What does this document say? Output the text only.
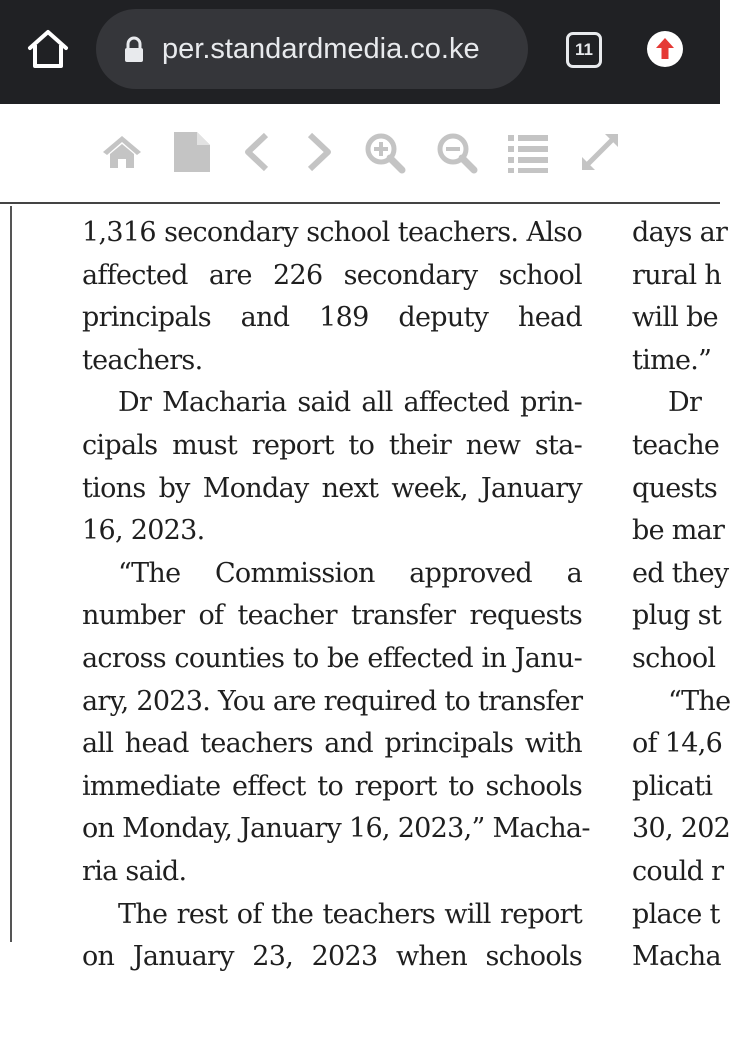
per.standardmedia.co.ke	11
1,316 secondary school teachers. Also
affected are 226 secondary school
principals and 189 deputy head
teachers.
Dr Macharia said all affected prin-
cipals must report to their new sta-
tions by Monday next week, January
16, 2023.
“The Commission approved a
number of teacher transfer requests
across counties to be effected in Janu-
ary, 2023. You are required to transfer
all head teachers and principals with
immediate effect to report to schools
on Monday, January 16, 2023,” Macha-
ria said.
The rest of the teachers will report
on January 23, 2023 when schools
days ar
rural h
will be
time.”
Dr
teache
quests
be mar
ed they
plug st
school
“The
of 14,6
plicati
30, 202
could r
place t
Macha
